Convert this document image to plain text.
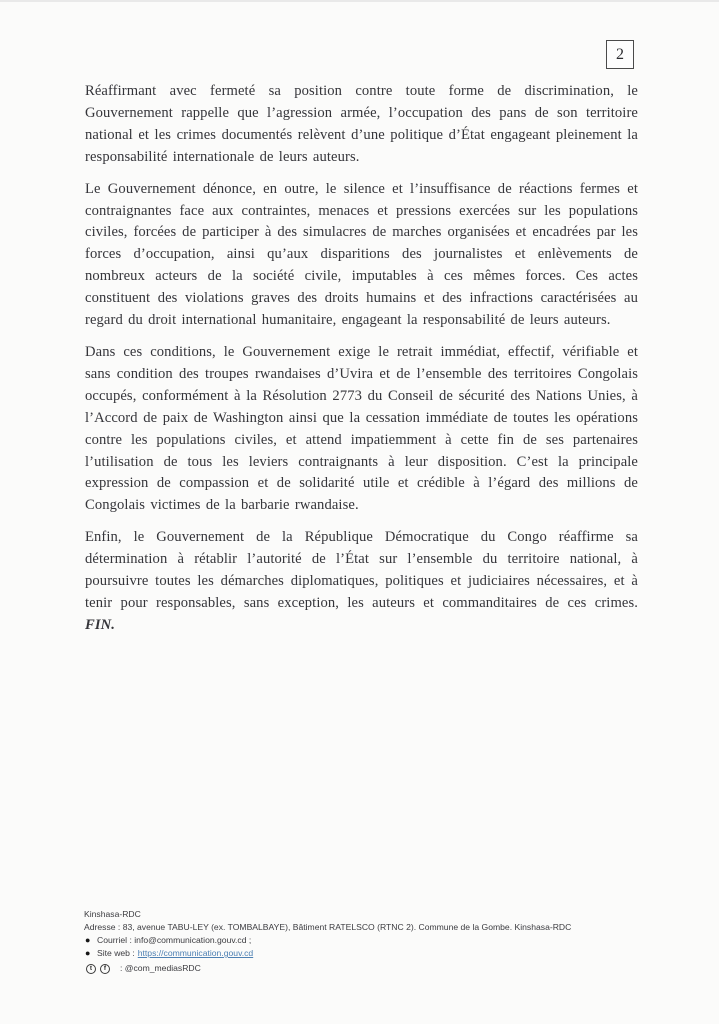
2

Réaffirmant avec fermeté sa position contre toute forme de discrimination, le Gouvernement rappelle que l’agression armée, l’occupation des pans de son territoire national et les crimes documentés relèvent d’une politique d’État engageant pleinement la responsabilité internationale de leurs auteurs.

Le Gouvernement dénonce, en outre, le silence et l’insuffisance de réactions fermes et contraignantes face aux contraintes, menaces et pressions exercées sur les populations civiles, forcées de participer à des simulacres de marches organisées et encadrées par les forces d’occupation, ainsi qu’aux disparitions des journalistes et enlèvements de nombreux acteurs de la société civile, imputables à ces mêmes forces. Ces actes constituent des violations graves des droits humains et des infractions caractérisées au regard du droit international humanitaire, engageant la responsabilité de leurs auteurs.

Dans ces conditions, le Gouvernement exige le retrait immédiat, effectif, vérifiable et sans condition des troupes rwandaises d’Uvira et de l’ensemble des territoires Congolais occupés, conformément à la Résolution 2773 du Conseil de sécurité des Nations Unies, à l’Accord de paix de Washington ainsi que la cessation immédiate de toutes les opérations contre les populations civiles, et attend impatiemment à cette fin de ses partenaires l’utilisation de tous les leviers contraignants à leur disposition. C’est la principale expression de compassion et de solidarité utile et crédible à l’égard des millions de Congolais victimes de la barbarie rwandaise.

Enfin, le Gouvernement de la République Démocratique du Congo réaffirme sa détermination à rétablir l’autorité de l’État sur l’ensemble du territoire national, à poursuivre toutes les démarches diplomatiques, politiques et judiciaires nécessaires, et à tenir pour responsables, sans exception, les auteurs et commanditaires de ces crimes. FIN.

Kinshasa-RDC
Adresse : 83, avenue TABU-LEY (ex. TOMBALBAYE), Bâtiment RATELSCO (RTNC 2). Commune de la Gombe. Kinshasa-RDC
● Courriel : info@communication.gouv.cd ;
● Site web : https://communication.gouv.cd
t	f	: @com_mediasRDC
